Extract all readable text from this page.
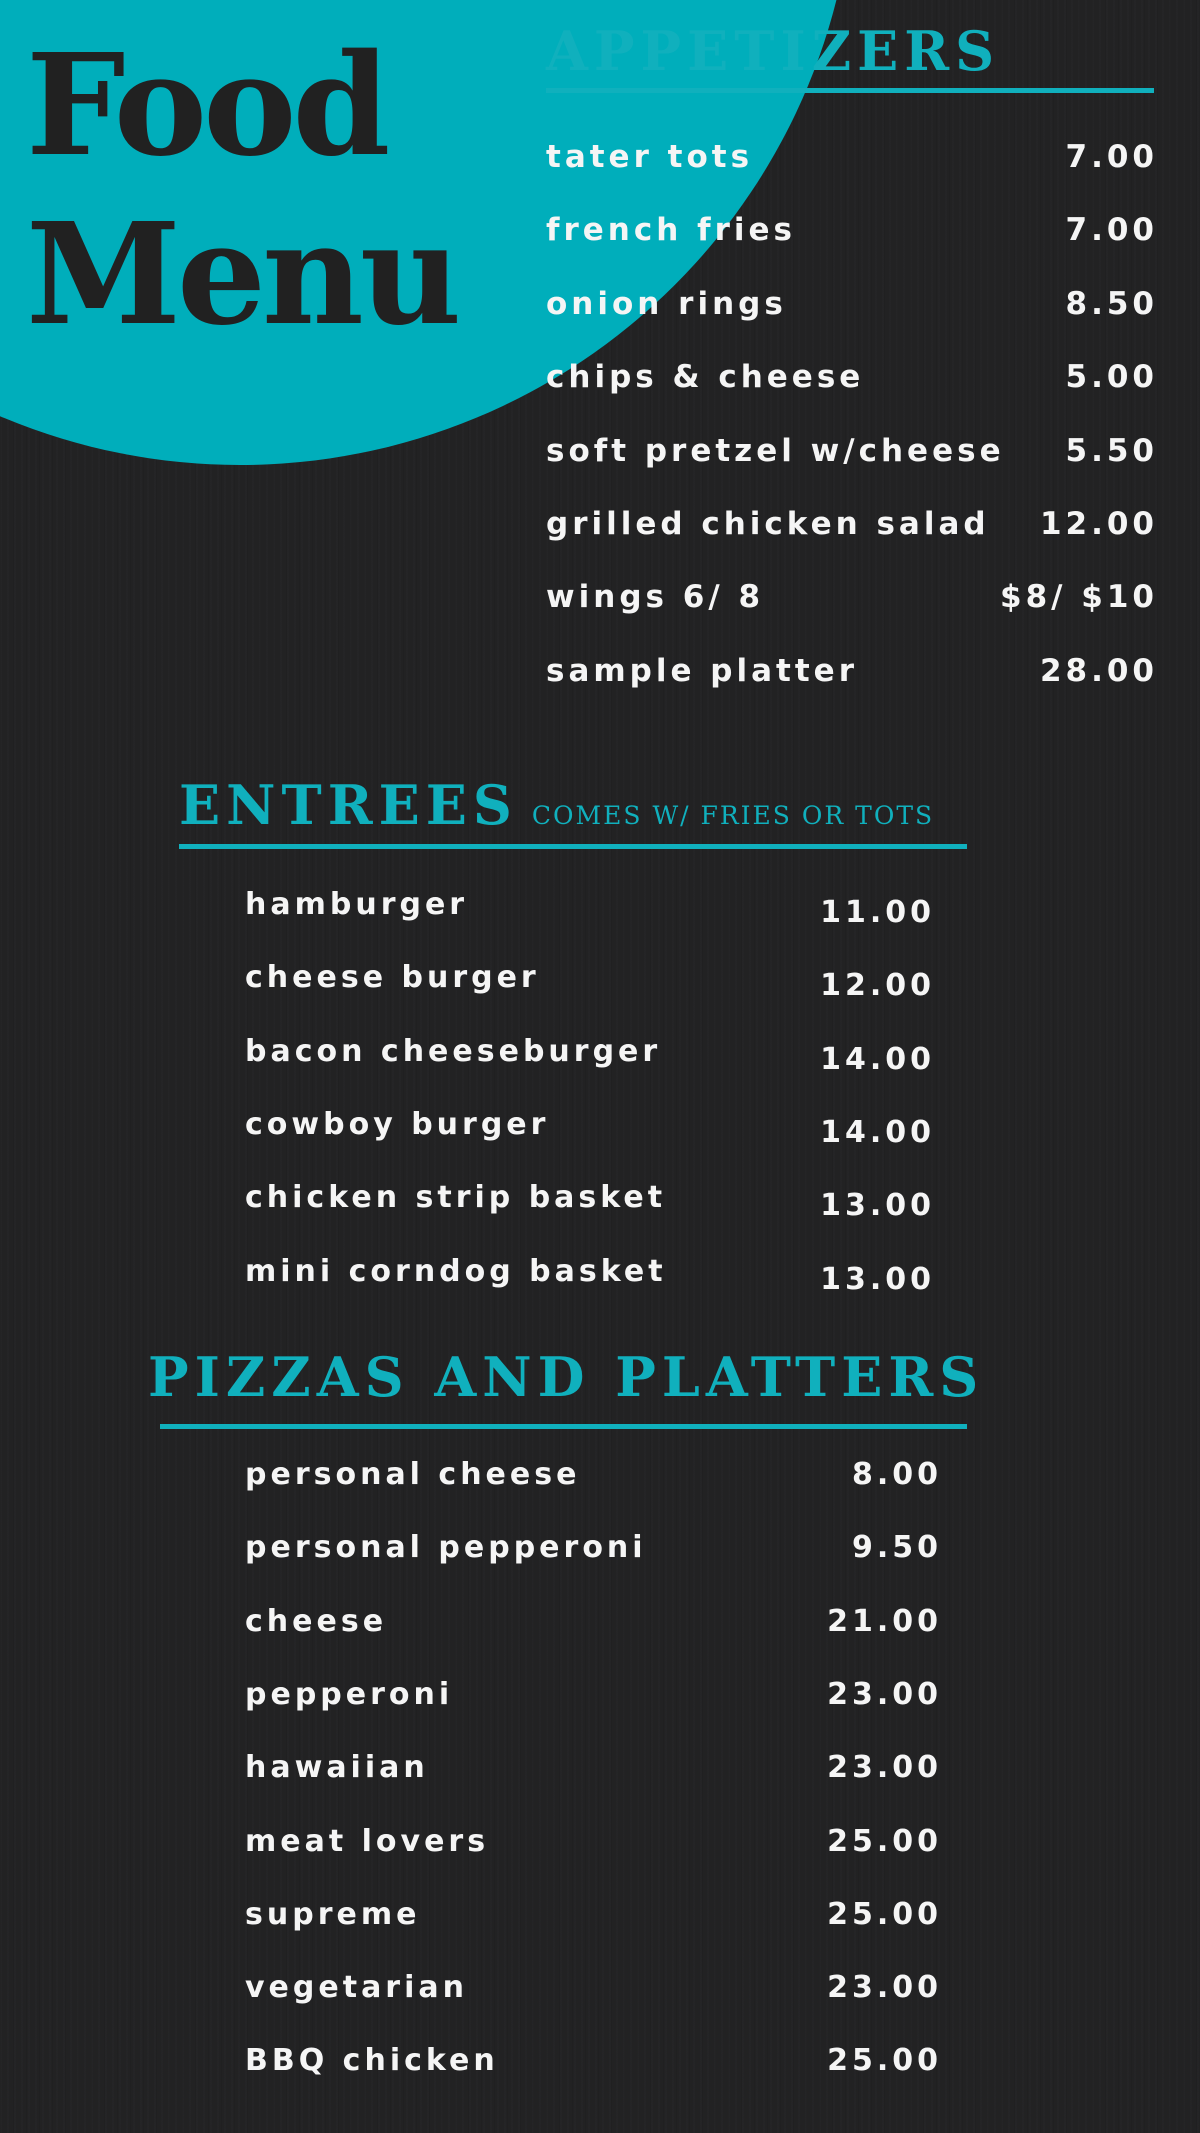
Food
Menu
APPETIZERS
tater tots	7.00
french fries	7.00
onion rings	8.50
chips & cheese	5.00
soft pretzel w/cheese 5.50
grilled chicken salad 12.00
wings 6/ 8	$8/ $10
sample platter	28.00
ENTREES COMES W/ FRIES OR TOTS
hamburger	11.00
cheese burger	12.00
bacon cheeseburger	14.00
cowboy burger	14.00
chicken strip basket	13.00
mini corndog basket	13.00
PIZZAS AND PLATTERS
personal cheese	8.00
personal pepperoni	9.50
cheese	21.00
pepperoni	23.00
hawaiian	23.00
meat lovers	25.00
supreme	25.00
vegetarian	23.00
BBQ chicken	25.00
